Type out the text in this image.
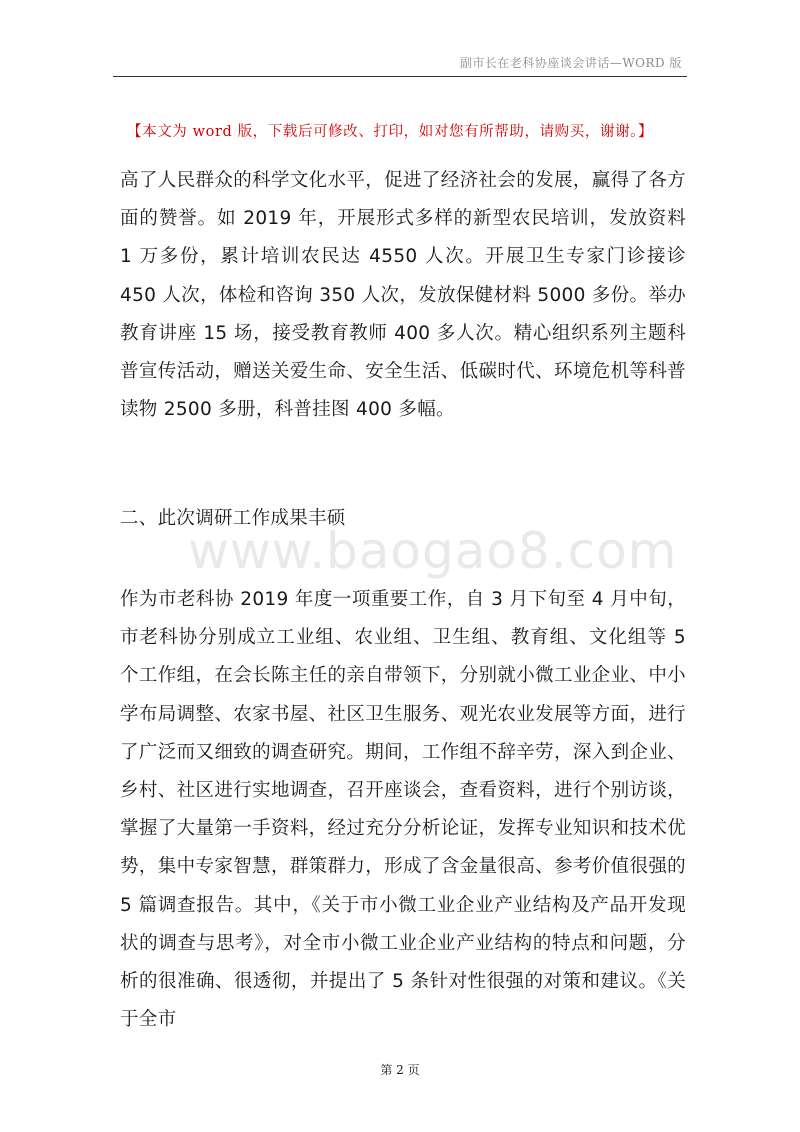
副市长在老科协座谈会讲话—WORD 版
【本文为 word 版，下载后可修改、打印，如对您有所帮助，请购买，谢谢。】

高了人民群众的科学文化水平，促进了经济社会的发展，赢得了各方面的赞誉。如 2019 年，开展形式多样的新型农民培训，发放资料 1 万多份，累计培训农民达 4550 人次。开展卫生专家门诊接诊 450 人次，体检和咨询 350 人次，发放保健材料 5000 多份。举办教育讲座 15 场，接受教育教师 400 多人次。精心组织系列主题科普宣传活动，赠送关爱生命、安全生活、低碳时代、环境危机等科普读物 2500 多册，科普挂图 400 多幅。

二、此次调研工作成果丰硕
www.baogao8.com

作为市老科协 2019 年度一项重要工作，自 3 月下旬至 4 月中旬，市老科协分别成立工业组、农业组、卫生组、教育组、文化组等 5 个工作组，在会长陈主任的亲自带领下，分别就小微工业企业、中小学布局调整、农家书屋、社区卫生服务、观光农业发展等方面，进行了广泛而又细致的调查研究。期间，工作组不辞辛劳，深入到企业、乡村、社区进行实地调查，召开座谈会，查看资料，进行个别访谈，掌握了大量第一手资料，经过充分分析论证，发挥专业知识和技术优势，集中专家智慧，群策群力，形成了含金量很高、参考价值很强的 5 篇调查报告。其中，《关于市小微工业企业产业结构及产品开发现状的调查与思考》，对全市小微工业企业产业结构的特点和问题，分析的很准确、很透彻，并提出了 5 条针对性很强的对策和建议。《关于全市

第 2 页
